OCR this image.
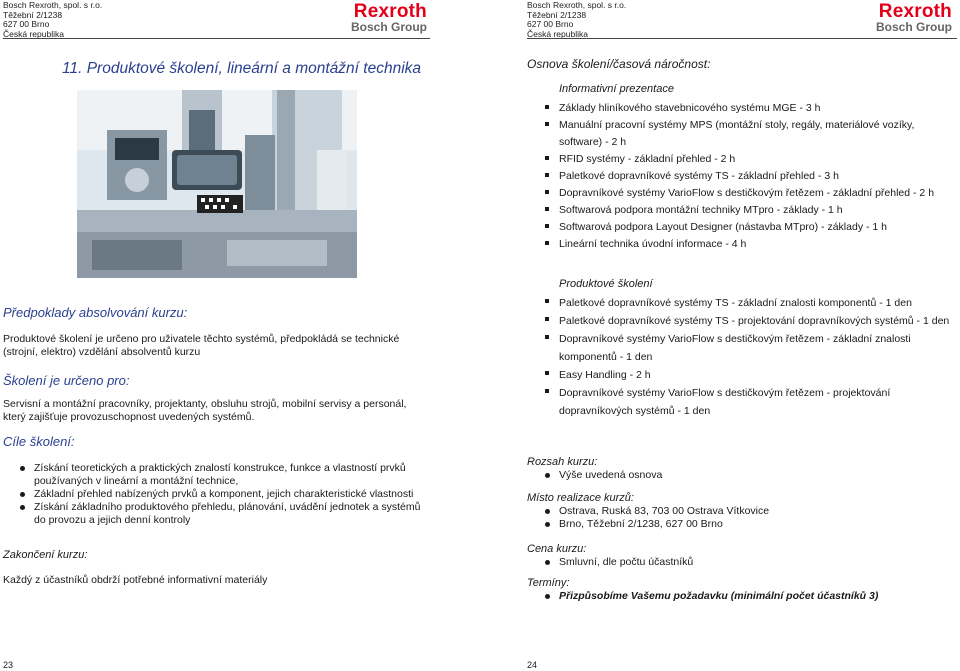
Bosch Rexroth, spol. s r.o.
Těžební 2/1238
627 00 Brno
Česká republika
Rexroth
Bosch Group
Bosch Rexroth, spol. s r.o.
Těžební 2/1238
627 00 Brno
Česká republika
Rexroth
Bosch Group
11. Produktové školení, lineární a montážní technika
Předpoklady absolvování kurzu:
Produktové školení je určeno pro uživatele těchto systémů, předpokládá se technické (strojní, elektro) vzdělání absolventů kurzu
Školení je určeno pro:
Servisní a montážní pracovníky, projektanty, obsluhu strojů, mobilní servisy a personál, který zajišťuje provozuschopnost uvedených systémů.
Cíle školení:
Získání teoretických a praktických znalostí konstrukce, funkce a vlastností prvků používaných v lineární a montážní technice,
Základní přehled nabízených prvků a komponent, jejich charakteristické vlastnosti
Získání základního produktového přehledu, plánování, uvádění jednotek a systémů do provozu a jejich denní kontroly
Zakončení kurzu:
Každý z účastníků obdrží potřebné informativní materiály
23
Osnova školení/časová náročnost:
Informativní prezentace
Základy hliníkového stavebnicového systému MGE - 3 h
Manuální pracovní systémy MPS (montážní stoly, regály, materiálové vozíky, software) - 2 h
RFID systémy - základní přehled - 2 h
Paletkové dopravníkové systémy TS - základní přehled - 3 h
Dopravníkové systémy VarioFlow s destičkovým řetězem - základní přehled - 2 h
Softwarová podpora montážní techniky MTpro - základy - 1 h
Softwarová podpora Layout Designer (nástavba MTpro) - základy - 1 h
Lineární technika úvodní informace - 4 h
Produktové školení
Paletkové dopravníkové systémy TS - základní znalosti komponentů - 1 den
Paletkové dopravníkové systémy TS - projektování dopravníkových systémů - 1 den
Dopravníkové systémy VarioFlow s destičkovým řetězem - základní znalosti komponentů - 1 den
Easy Handling - 2 h
Dopravníkové systémy VarioFlow s destičkovým řetězem - projektování dopravníkových systémů - 1 den
Rozsah kurzu:
Výše uvedená osnova
Místo realizace kurzů:
Ostrava, Ruská 83, 703 00 Ostrava Vítkovice
Brno, Těžební 2/1238, 627 00 Brno
Cena kurzu:
Smluvní, dle počtu účastníků
Termíny:
Přizpůsobíme Vašemu požadavku (minimální počet účastníků 3)
24
